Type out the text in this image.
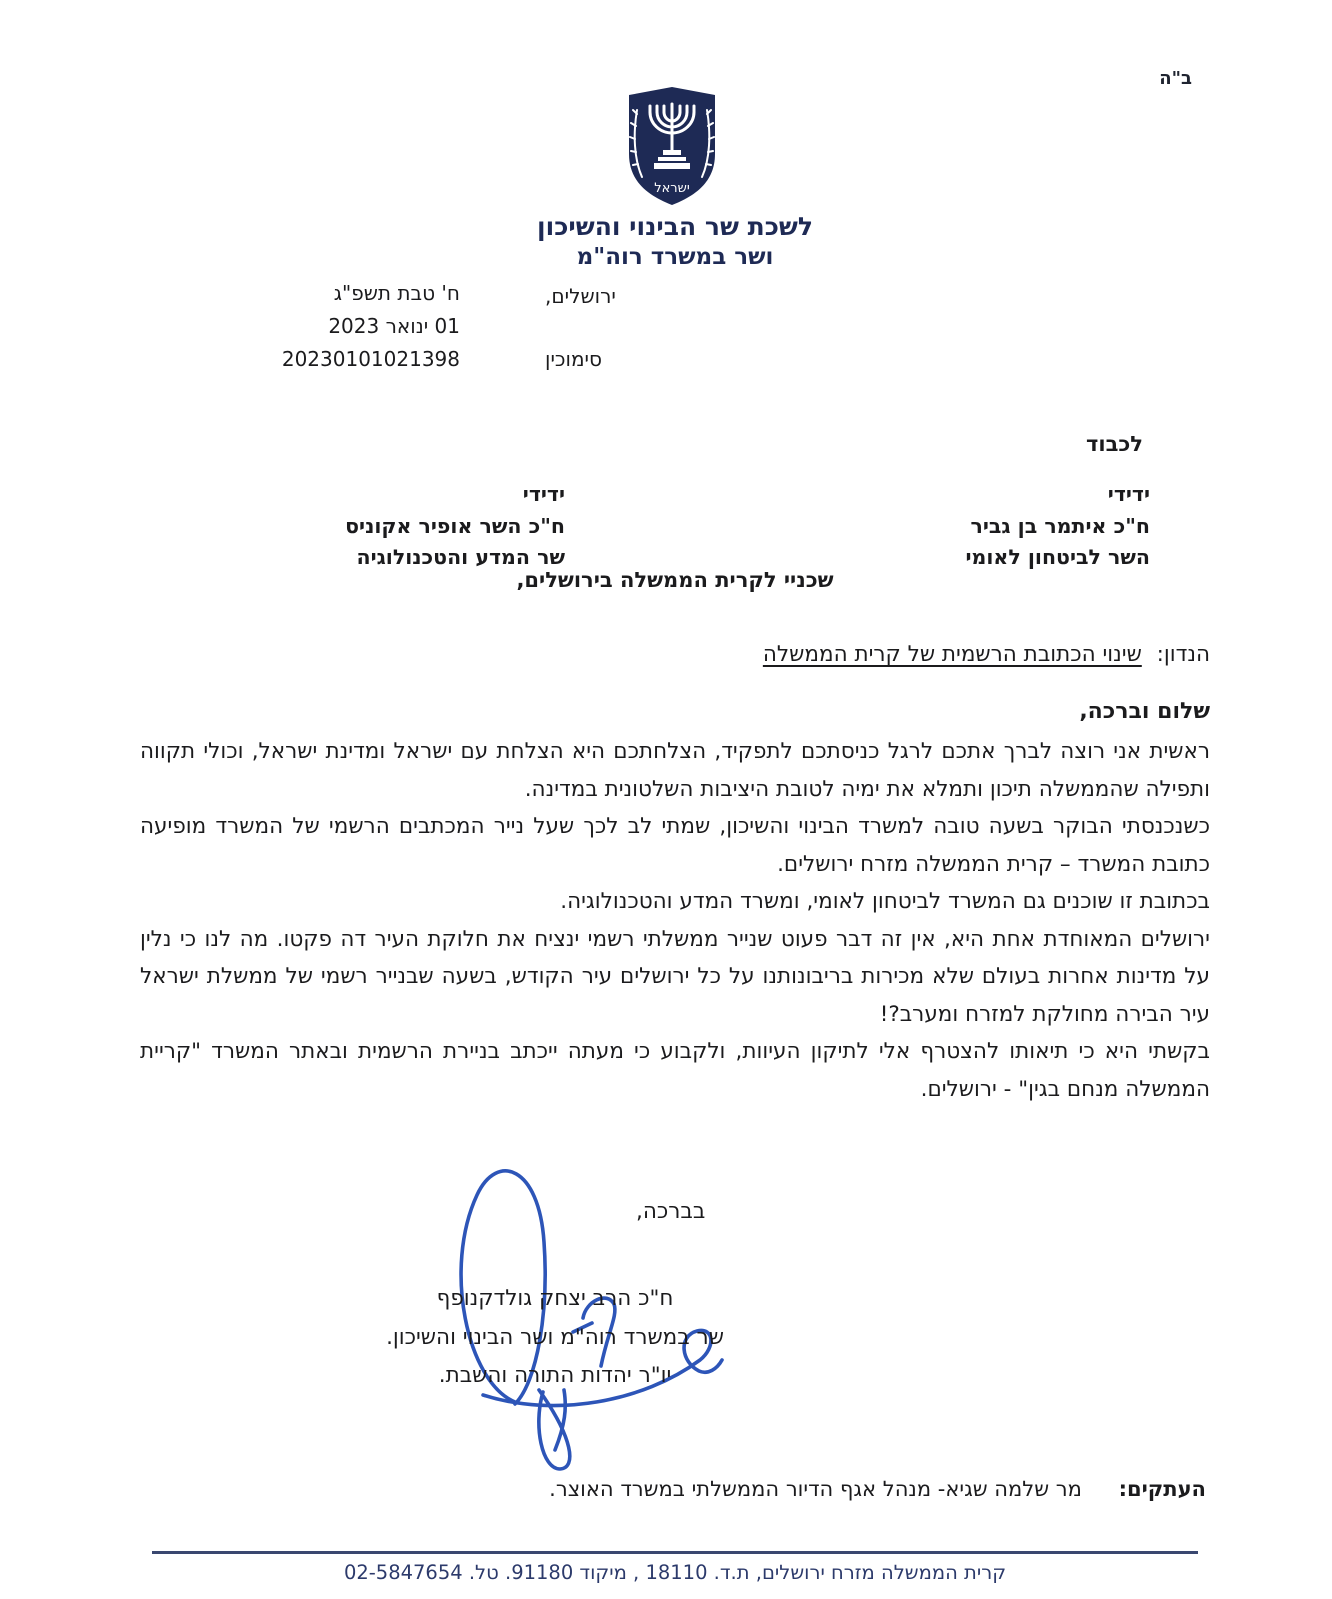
ב"ה
ישראל
לשכת שר הבינוי והשיכון
ושר במשרד רוה"מ
ירושלים,
ח' טבת תשפ"ג
01 ינואר 2023
סימוכין
20230101021398
לכבוד
ידידי
ח"כ איתמר בן גביר
השר לביטחון לאומי
ידידי
ח"כ השר אופיר אקוניס
שר המדע והטכנולוגיה
שכניי לקרית הממשלה בירושלים,
הנדון: שינוי הכתובת הרשמית של קרית הממשלה
שלום וברכה,

ראשית אני רוצה לברך אתכם לרגל כניסתכם לתפקיד, הצלחתכם היא הצלחת עם ישראל ומדינת ישראל, וכולי תקווה ותפילה שהממשלה תיכון ותמלא את ימיה לטובת היציבות השלטונית במדינה.

כשנכנסתי הבוקר בשעה טובה למשרד הבינוי והשיכון, שמתי לב לכך שעל נייר המכתבים הרשמי של המשרד מופיעה כתובת המשרד – קרית הממשלה מזרח ירושלים.

בכתובת זו שוכנים גם המשרד לביטחון לאומי, ומשרד המדע והטכנולוגיה.

ירושלים המאוחדת אחת היא, אין זה דבר פעוט שנייר ממשלתי רשמי ינציח את חלוקת העיר דה פקטו. מה לנו כי נלין על מדינות אחרות בעולם שלא מכירות בריבונותנו על כל ירושלים עיר הקודש, בשעה שבנייר רשמי של ממשלת ישראל עיר הבירה מחולקת למזרח ומערב?!

בקשתי היא כי תיאותו להצטרף אלי לתיקון העיוות, ולקבוע כי מעתה ייכתב בניירת הרשמית ובאתר המשרד "קריית הממשלה מנחם בגין" - ירושלים.

בברכה,
ח"כ הרב יצחק גולדקנופף
שר במשרד רוה"מ ושר הבינוי והשיכון.
יו"ר יהדות התורה והשבת.
העתקים: מר שלמה שגיא- מנהל אגף הדיור הממשלתי במשרד האוצר.
קרית הממשלה מזרח ירושלים, ת.ד. 18110 , מיקוד 91180. טל. 02-5847654
